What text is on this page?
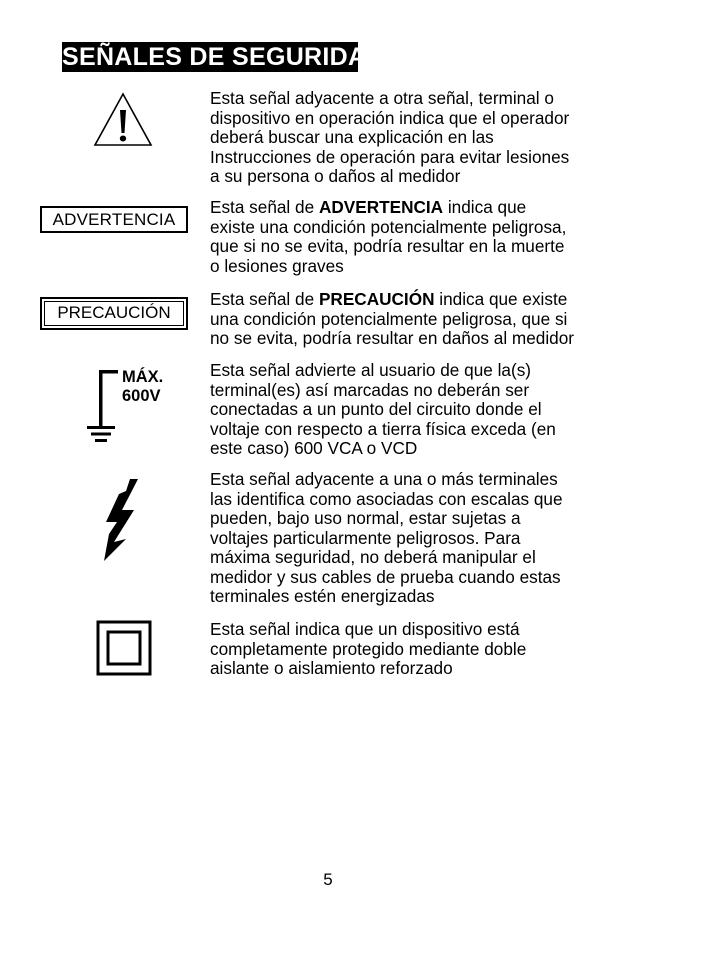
SEÑALES DE SEGURIDAD
Esta señal adyacente a otra señal, terminal o
dispositivo en operación indica que el operador
deberá buscar una explicación en las
Instrucciones de operación para evitar lesiones
a su persona o daños al medidor
ADVERTENCIA
Esta señal de ADVERTENCIA indica que
existe una condición potencialmente peligrosa,
que si no se evita, podría resultar en la muerte
o lesiones graves
PRECAUCIÓN
Esta señal de PRECAUCIÓN indica que existe
una condición potencialmente peligrosa, que si
no se evita, podría resultar en daños al medidor
MÁX.
600V
Esta señal advierte al usuario de que la(s)
terminal(es) así marcadas no deberán ser
conectadas a un punto del circuito donde el
voltaje con respecto a tierra física exceda (en
este caso) 600 VCA o VCD
Esta señal adyacente a una o más terminales
las identifica como asociadas con escalas que
pueden, bajo uso normal, estar sujetas a
voltajes particularmente peligrosos. Para
máxima seguridad, no deberá manipular el
medidor y sus cables de prueba cuando estas
terminales estén energizadas
Esta señal indica que un dispositivo está
completamente protegido mediante doble
aislante o aislamiento reforzado
5
